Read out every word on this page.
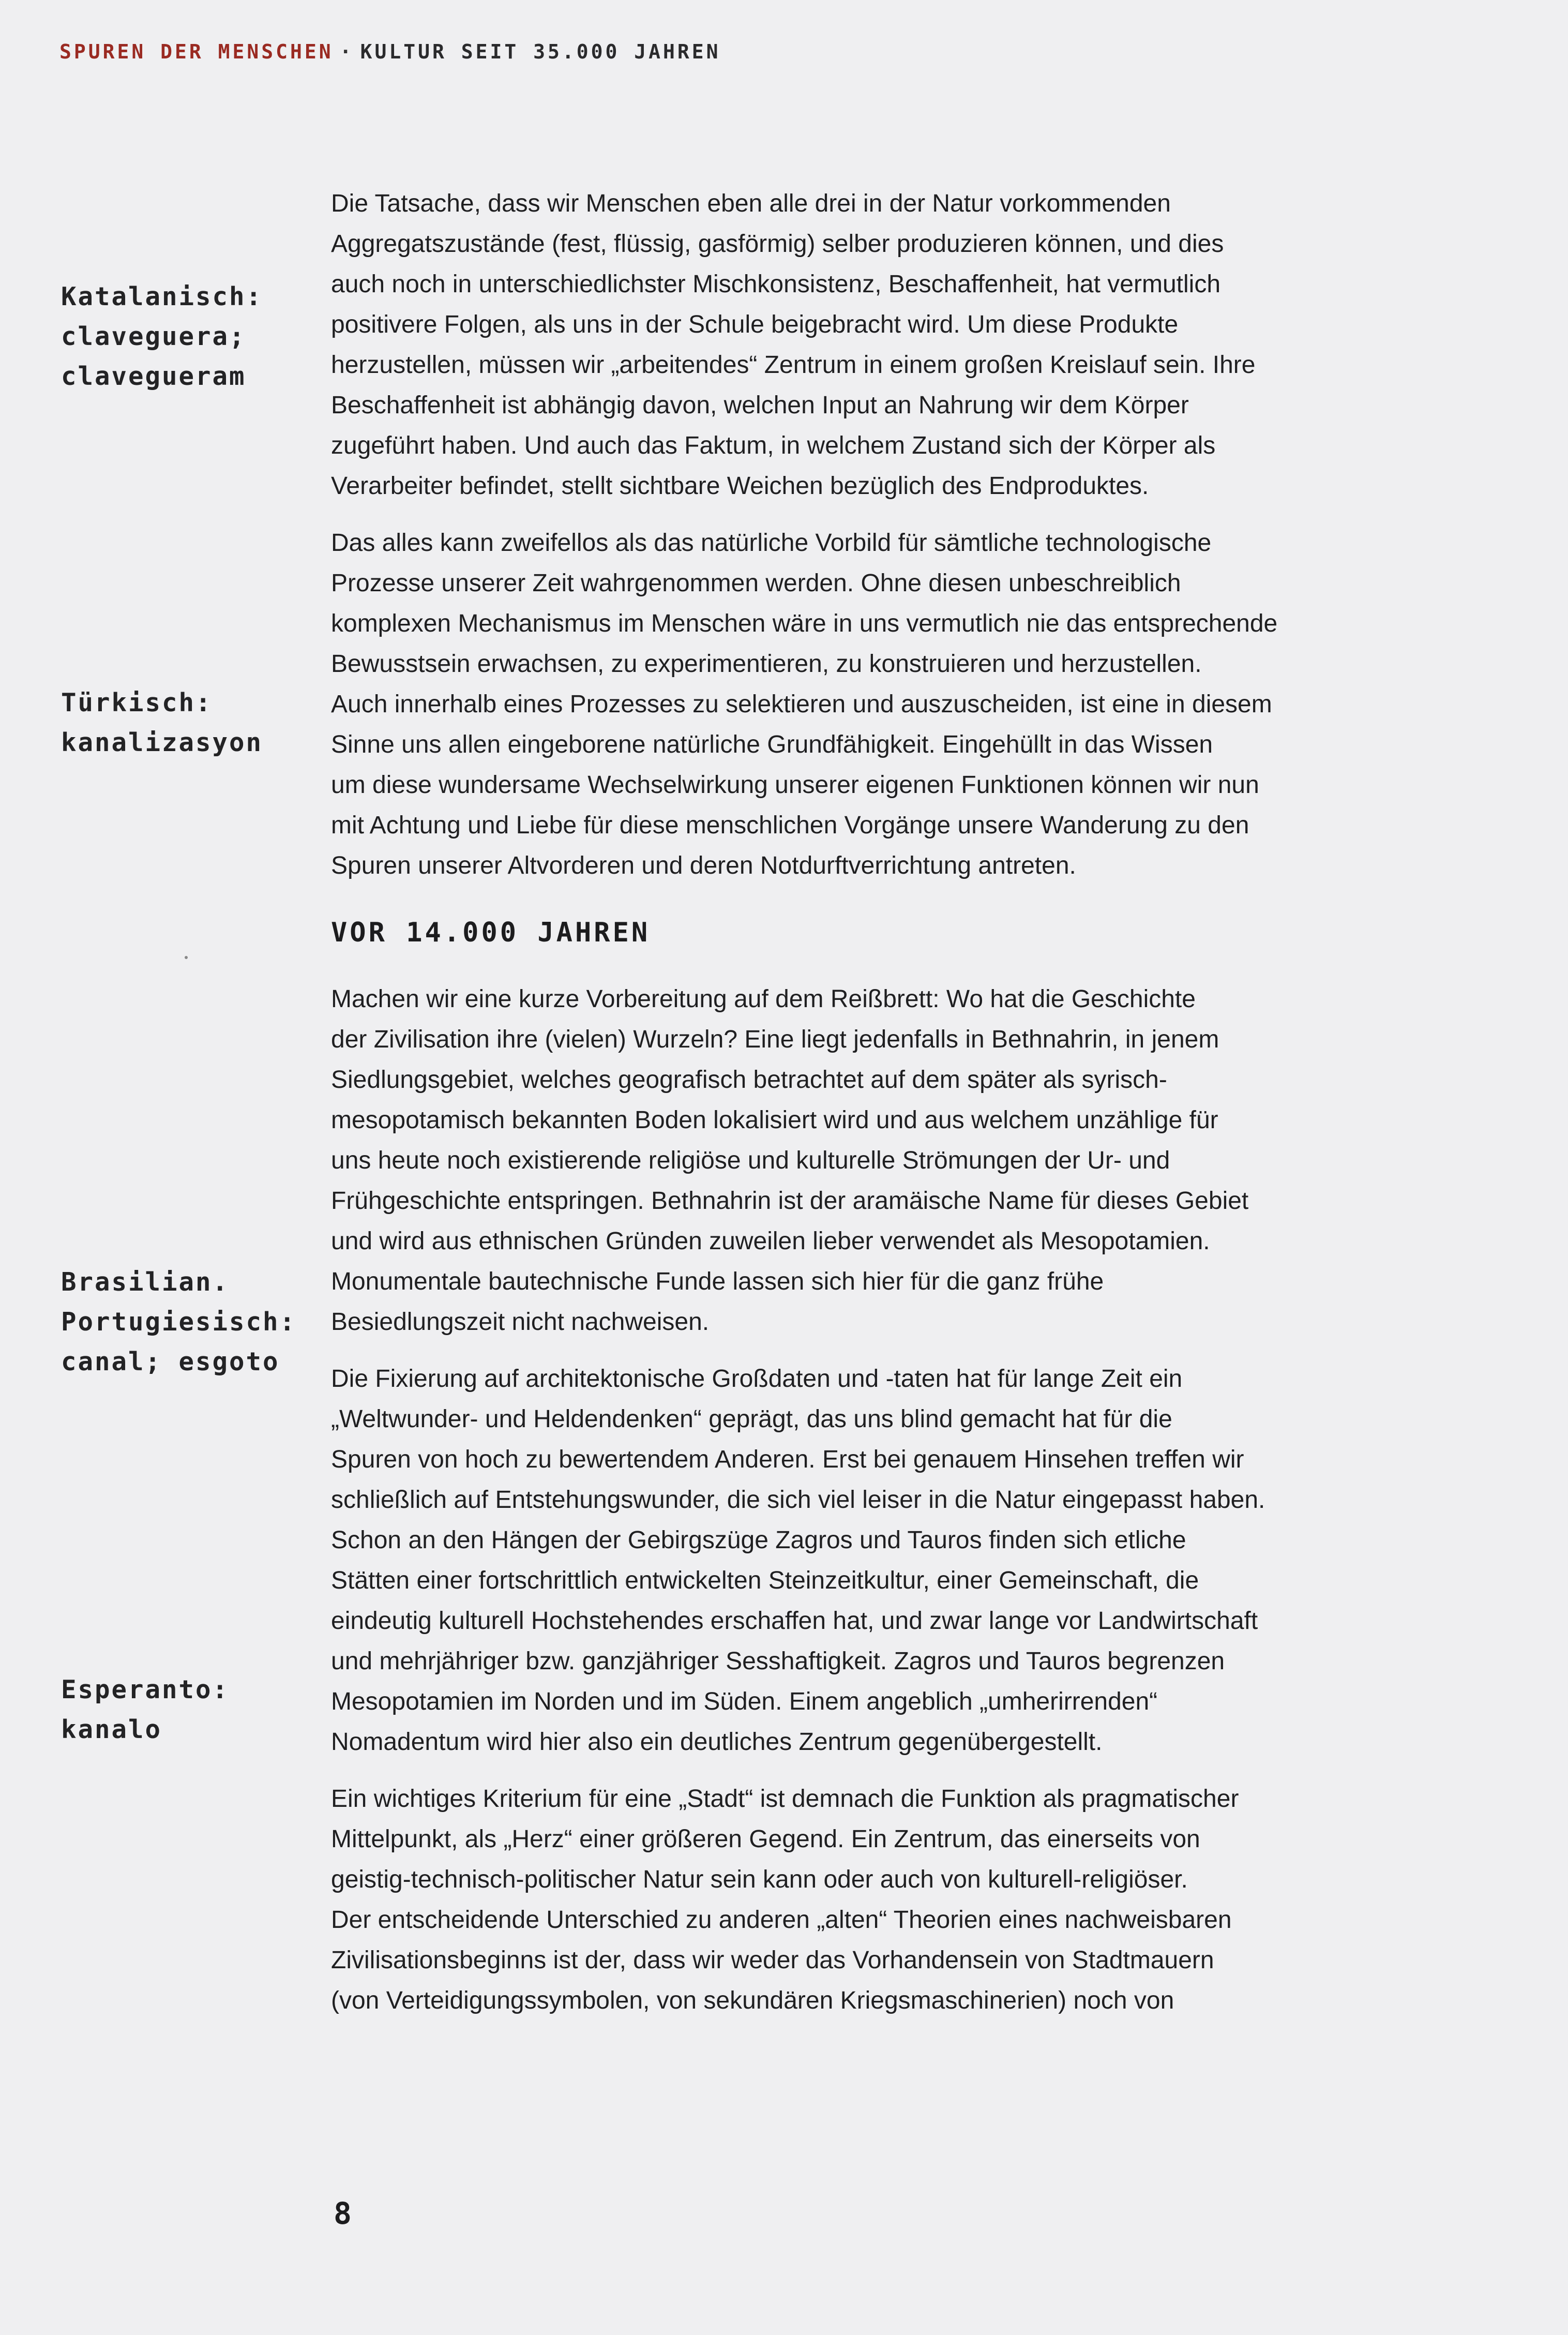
SPUREN DER MENSCHEN · KULTUR SEIT 35.000 JAHREN
Katalanisch:
claveguera;
clavegueram
Türkisch:
kanalizasyon
Brasilian.
Portugiesisch:
canal; esgoto
Esperanto:
kanalo

Die Tatsache, dass wir Menschen eben alle drei in der Natur vorkommenden
Aggregatszustände (fest, flüssig, gasförmig) selber produzieren können, und dies
auch noch in unterschiedlichster Mischkonsistenz, Beschaffenheit, hat vermutlich
positivere Folgen, als uns in der Schule beigebracht wird. Um diese Produkte
herzustellen, müssen wir „arbeitendes“ Zentrum in einem großen Kreislauf sein. Ihre
Beschaffenheit ist abhängig davon, welchen Input an Nahrung wir dem Körper
zugeführt haben. Und auch das Faktum, in welchem Zustand sich der Körper als
Verarbeiter befindet, stellt sichtbare Weichen bezüglich des Endproduktes.

Das alles kann zweifellos als das natürliche Vorbild für sämtliche technologische
Prozesse unserer Zeit wahrgenommen werden. Ohne diesen unbeschreiblich
komplexen Mechanismus im Menschen wäre in uns vermutlich nie das entsprechende
Bewusstsein erwachsen, zu experimentieren, zu konstruieren und herzustellen.
Auch innerhalb eines Prozesses zu selektieren und auszuscheiden, ist eine in diesem
Sinne uns allen eingeborene natürliche Grundfähigkeit. Eingehüllt in das Wissen
um diese wundersame Wechselwirkung unserer eigenen Funktionen können wir nun
mit Achtung und Liebe für diese menschlichen Vorgänge unsere Wanderung zu den
Spuren unserer Altvorderen und deren Notdurftverrichtung antreten.

VOR 14.000 JAHREN

Machen wir eine kurze Vorbereitung auf dem Reißbrett: Wo hat die Geschichte
der Zivilisation ihre (vielen) Wurzeln? Eine liegt jedenfalls in Bethnahrin, in jenem
Siedlungsgebiet, welches geografisch betrachtet auf dem später als syrisch-
mesopotamisch bekannten Boden lokalisiert wird und aus welchem unzählige für
uns heute noch existierende religiöse und kulturelle Strömungen der Ur- und
Frühgeschichte entspringen. Bethnahrin ist der aramäische Name für dieses Gebiet
und wird aus ethnischen Gründen zuweilen lieber verwendet als Mesopotamien.
Monumentale bautechnische Funde lassen sich hier für die ganz frühe
Besiedlungszeit nicht nachweisen.

Die Fixierung auf architektonische Großdaten und -taten hat für lange Zeit ein
„Weltwunder- und Heldendenken“ geprägt, das uns blind gemacht hat für die
Spuren von hoch zu bewertendem Anderen. Erst bei genauem Hinsehen treffen wir
schließlich auf Entstehungswunder, die sich viel leiser in die Natur eingepasst haben.
Schon an den Hängen der Gebirgszüge Zagros und Tauros finden sich etliche
Stätten einer fortschrittlich entwickelten Steinzeitkultur, einer Gemeinschaft, die
eindeutig kulturell Hochstehendes erschaffen hat, und zwar lange vor Landwirtschaft
und mehrjähriger bzw. ganzjähriger Sesshaftigkeit. Zagros und Tauros begrenzen
Mesopotamien im Norden und im Süden. Einem angeblich „umherirrenden“
Nomadentum wird hier also ein deutliches Zentrum gegenübergestellt.

Ein wichtiges Kriterium für eine „Stadt“ ist demnach die Funktion als pragmatischer
Mittelpunkt, als „Herz“ einer größeren Gegend. Ein Zentrum, das einerseits von
geistig-technisch-politischer Natur sein kann oder auch von kulturell-religiöser.
Der entscheidende Unterschied zu anderen „alten“ Theorien eines nachweisbaren
Zivilisationsbeginns ist der, dass wir weder das Vorhandensein von Stadtmauern
(von Verteidigungssymbolen, von sekundären Kriegsmaschinerien) noch von

8
